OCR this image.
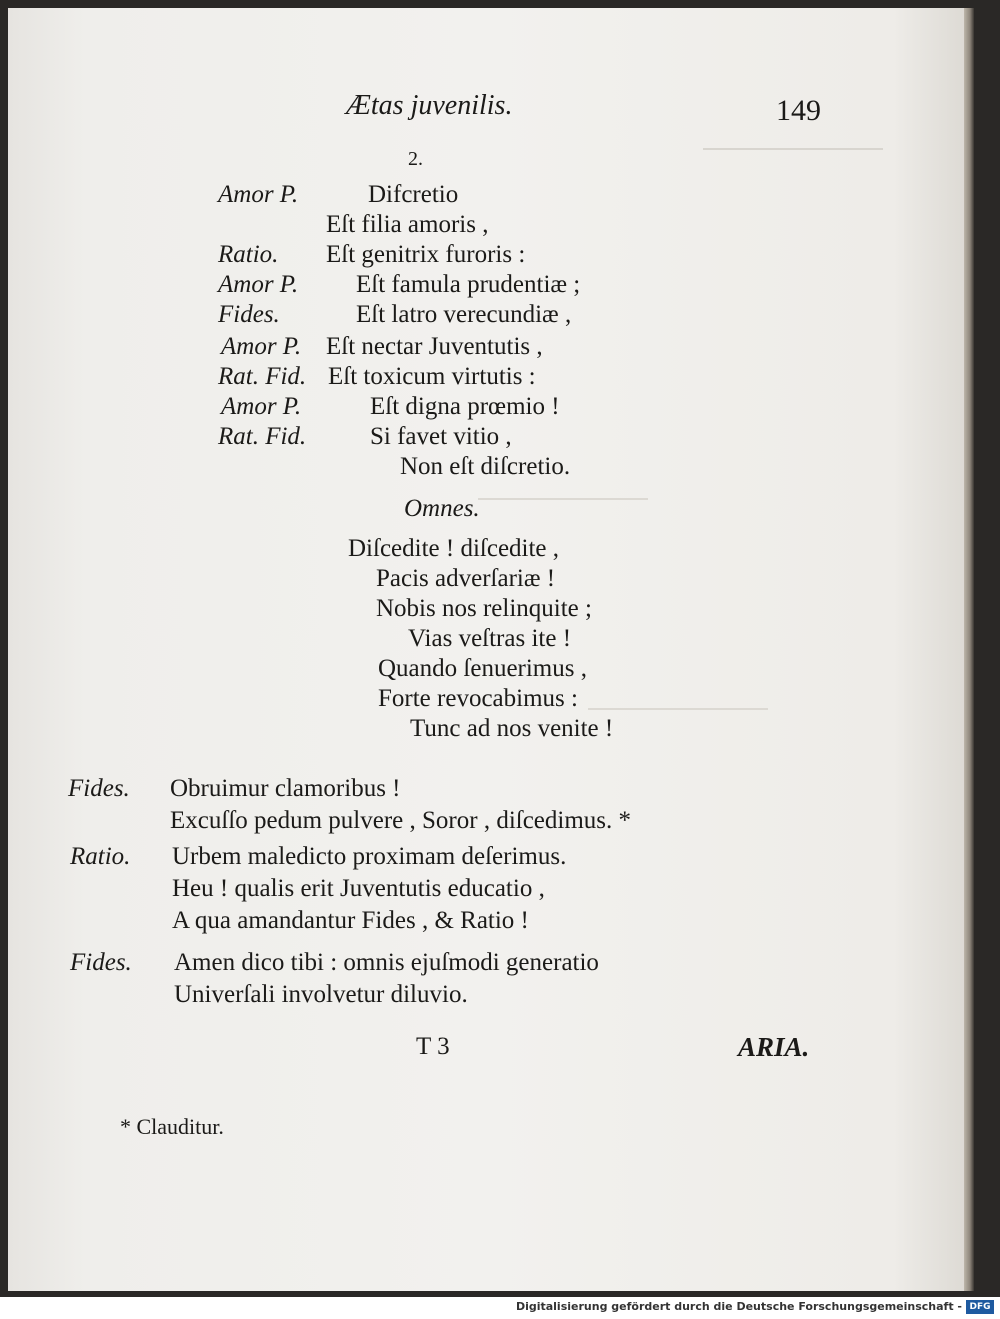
Ætas juvenilis.	149
2.
Amor P.	Difcretio
Eſt filia amoris ,
Ratio. Eſt genitrix furoris :
Amor P. Eſt famula prudentiæ ;
Fides.	Eſt latro verecundiæ ,
Amor P. Eſt nectar Juventutis ,
Rat. Fid. Eſt toxicum virtutis :
Amor P.	Eſt digna prœmio !
Rat. Fid.	Si favet vitio ,
Non eſt diſcretio.
Omnes.
Diſcedite ! diſcedite ,
Pacis adverſariæ !
Nobis nos relinquite ;
Vias veſtras ite !
Quando ſenuerimus ,
Forte revocabimus :
Tunc ad nos venite !
Fides. Obruimur clamoribus !
Excuſſo pedum pulvere , Soror , diſcedimus. *
Ratio. Urbem maledicto proximam deſerimus.
Heu ! qualis erit Juventutis educatio ,
A qua amandantur Fides , & Ratio !
Fides. Amen dico tibi : omnis ejuſmodi generatio
Univerſali involvetur diluvio.
T 3	ARIA.
* Clauditur.
Digitalisierung gefördert durch die Deutsche Forschungsgemeinschaft - DFG
